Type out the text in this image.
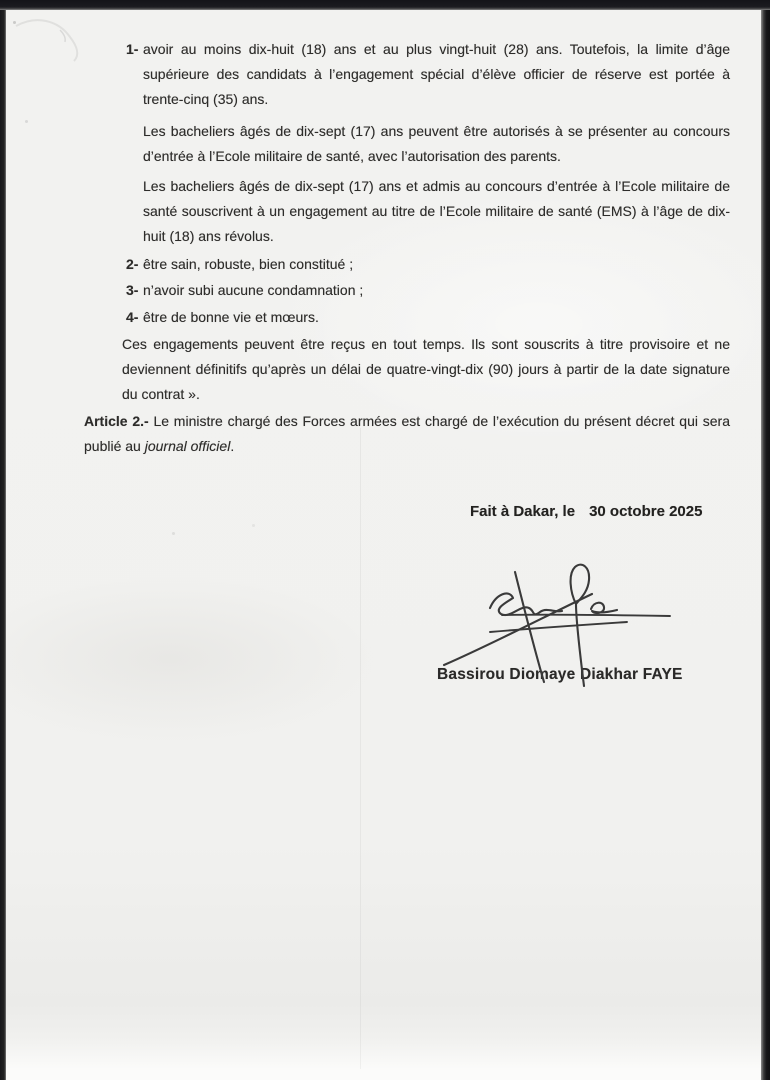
1- avoir au moins dix-huit (18) ans et au plus vingt-huit (28) ans. Toutefois, la limite d’âge supérieure des candidats à l’engagement spécial d’élève officier de réserve est portée à trente-cinq (35) ans.
Les bacheliers âgés de dix-sept (17) ans peuvent être autorisés à se présenter au concours d’entrée à l’Ecole militaire de santé, avec l’autorisation des parents.
Les bacheliers âgés de dix-sept (17) ans et admis au concours d’entrée à l’Ecole militaire de santé souscrivent à un engagement au titre de l’Ecole militaire de santé (EMS) à l’âge de dix-huit (18) ans révolus.
2- être sain, robuste, bien constitué ;
3- n’avoir subi aucune condamnation ;
4- être de bonne vie et mœurs.
Ces engagements peuvent être reçus en tout temps. Ils sont souscrits à titre provisoire et ne deviennent définitifs qu’après un délai de quatre-vingt-dix (90) jours à partir de la date signature du contrat ».
Article 2.- Le ministre chargé des Forces armées est chargé de l’exécution du présent décret qui sera publié au journal officiel.
Fait à Dakar, le 30 octobre 2025
Bassirou Diomaye Diakhar FAYE
